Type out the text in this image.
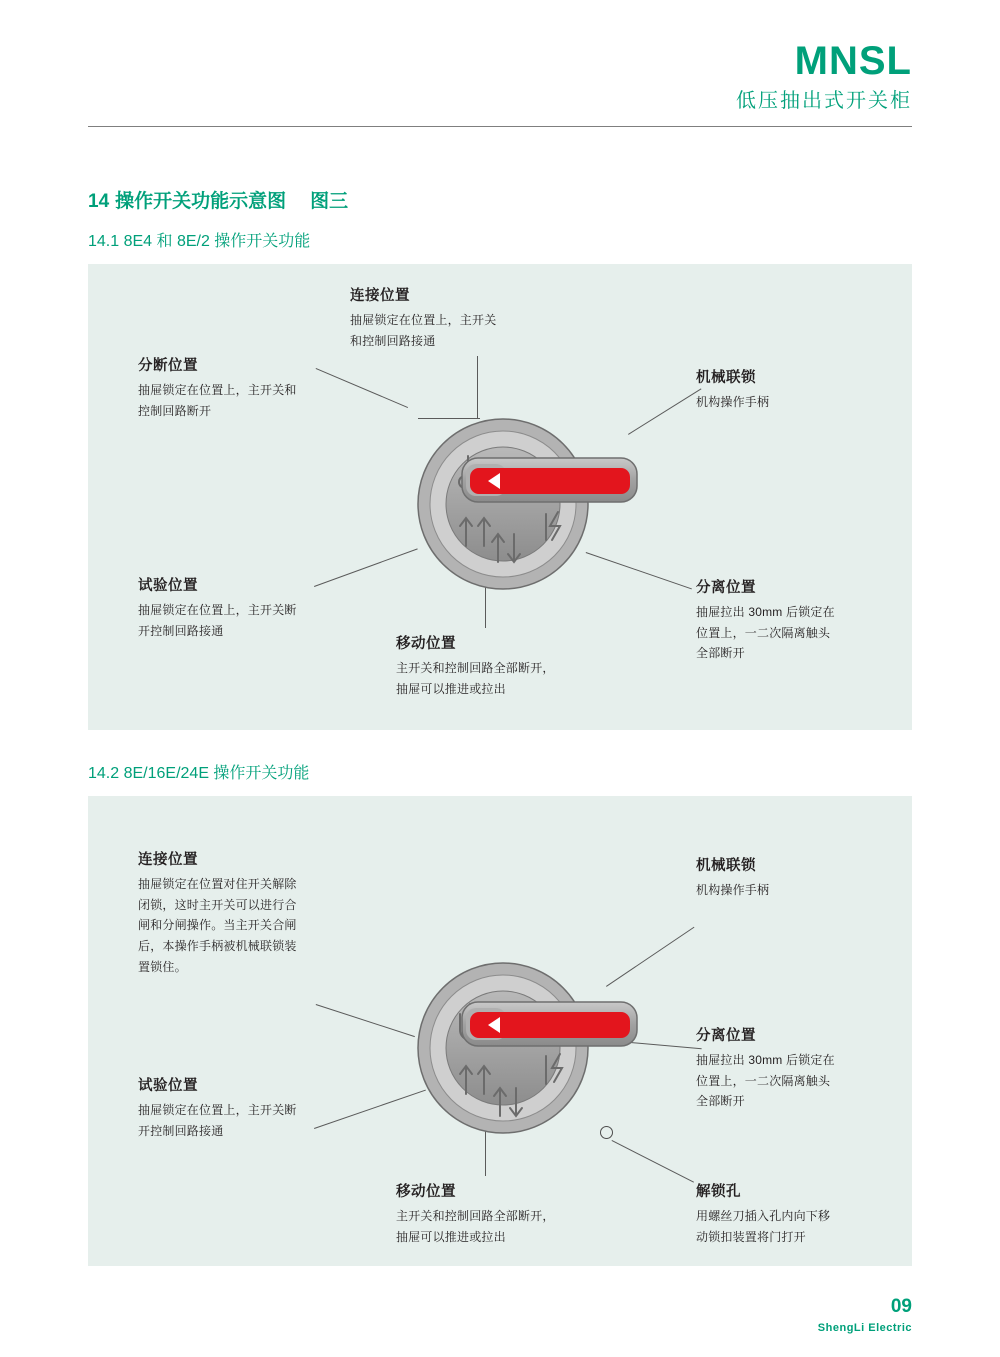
MNSL
低压抽出式开关柜
14 操作开关功能示意图 图三
14.1 8E4 和 8E/2 操作开关功能
连接位置
抽屉锁定在位置上，主开关
和控制回路接通
分断位置
抽屉锁定在位置上，主开关和
控制回路断开
机械联锁
机构操作手柄
试验位置
抽屉锁定在位置上，主开关断
开控制回路接通
分离位置
抽屉拉出 30mm 后锁定在
位置上，一二次隔离触头
全部断开
移动位置
主开关和控制回路全部断开，
抽屉可以推进或拉出
14.2 8E/16E/24E 操作开关功能
连接位置
抽屉锁定在位置对住开关解除
闭锁，这时主开关可以进行合
闸和分闸操作。当主开关合闸
后，本操作手柄被机械联锁装
置锁住。
机械联锁
机构操作手柄
分离位置
抽屉拉出 30mm 后锁定在
位置上，一二次隔离触头
全部断开
试验位置
抽屉锁定在位置上，主开关断
开控制回路接通
解锁孔
用螺丝刀插入孔内向下移
动锁扣装置将门打开
移动位置
主开关和控制回路全部断开，
抽屉可以推进或拉出
09
ShengLi Electric
